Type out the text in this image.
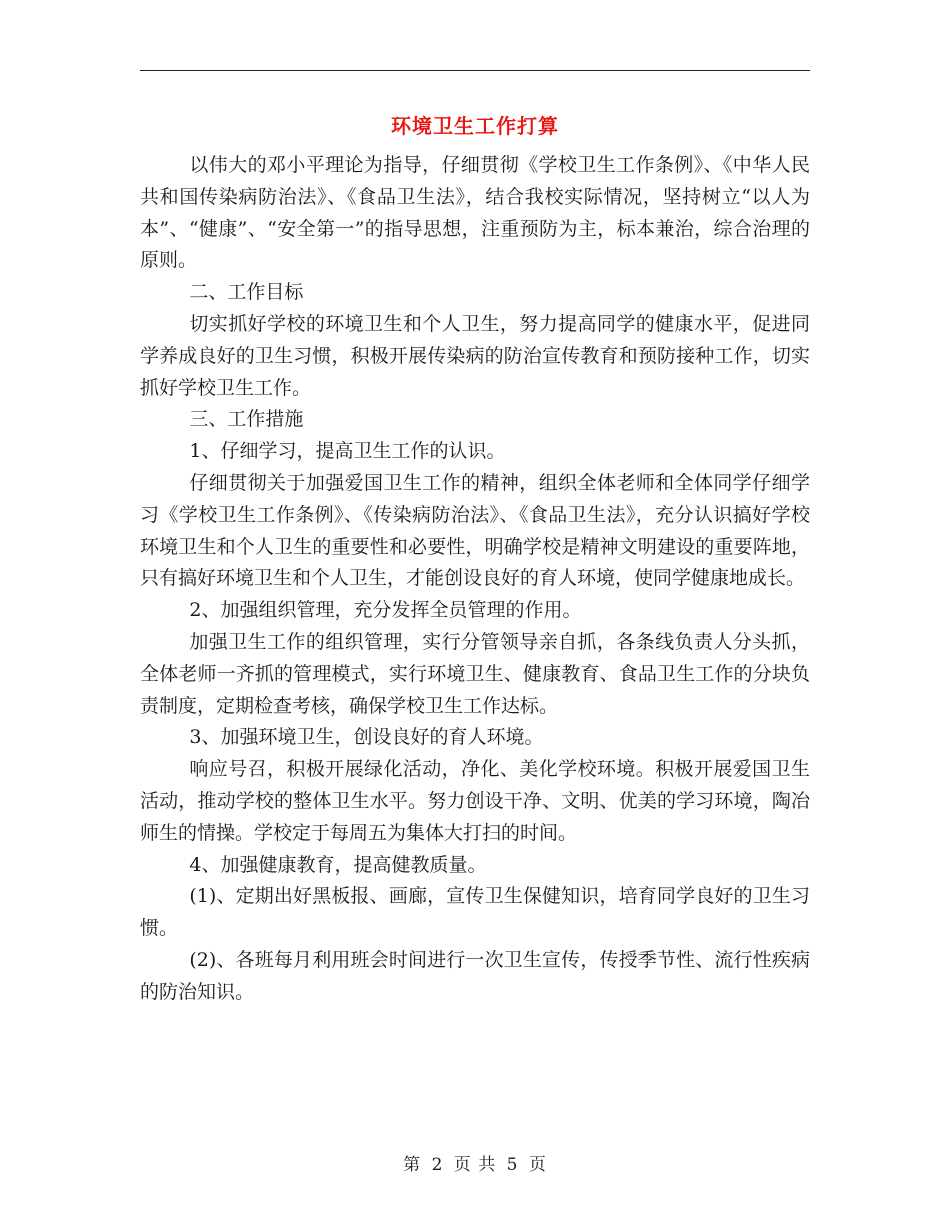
环境卫生工作打算

以伟大的邓小平理论为指导，仔细贯彻《学校卫生工作条例》、《中华人民共和国传染病防治法》、《食品卫生法》，结合我校实际情况，坚持树立“以人为本”、“健康”、“安全第一”的指导思想，注重预防为主，标本兼治，综合治理的原则。

二、工作目标

切实抓好学校的环境卫生和个人卫生，努力提高同学的健康水平，促进同学养成良好的卫生习惯，积极开展传染病的防治宣传教育和预防接种工作，切实抓好学校卫生工作。

三、工作措施

1、仔细学习，提高卫生工作的认识。

仔细贯彻关于加强爱国卫生工作的精神，组织全体老师和全体同学仔细学习《学校卫生工作条例》、《传染病防治法》、《食品卫生法》，充分认识搞好学校环境卫生和个人卫生的重要性和必要性，明确学校是精神文明建设的重要阵地，只有搞好环境卫生和个人卫生，才能创设良好的育人环境，使同学健康地成长。

2、加强组织管理，充分发挥全员管理的作用。

加强卫生工作的组织管理，实行分管领导亲自抓，各条线负责人分头抓，全体老师一齐抓的管理模式，实行环境卫生、健康教育、食品卫生工作的分块负责制度，定期检查考核，确保学校卫生工作达标。

3、加强环境卫生，创设良好的育人环境。

响应号召，积极开展绿化活动，净化、美化学校环境。积极开展爱国卫生活动，推动学校的整体卫生水平。努力创设干净、文明、优美的学习环境，陶冶师生的情操。学校定于每周五为集体大打扫的时间。

4、加强健康教育，提高健教质量。

(1)、定期出好黑板报、画廊，宣传卫生保健知识，培育同学良好的卫生习惯。

(2)、各班每月利用班会时间进行一次卫生宣传，传授季节性、流行性疾病的防治知识。

第 2 页 共 5 页
